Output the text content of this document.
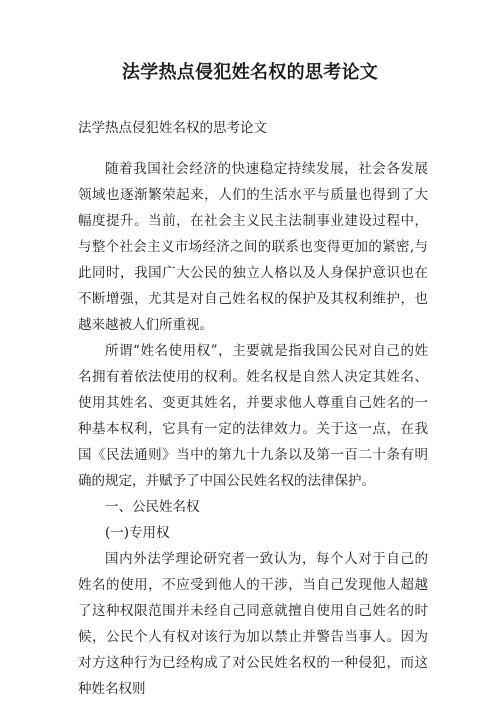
法学热点侵犯姓名权的思考论文

法学热点侵犯姓名权的思考论文

随着我国社会经济的快速稳定持续发展，社会各发展领域也逐渐繁荣起来，人们的生活水平与质量也得到了大幅度提升。当前，在社会主义民主法制事业建设过程中，与整个社会主义市场经济之间的联系也变得更加的紧密,与此同时，我国广大公民的独立人格以及人身保护意识也在不断增强，尤其是对自己姓名权的保护及其权利维护，也越来越被人们所重视。

所谓“姓名使用权”，主要就是指我国公民对自己的姓名拥有着依法使用的权利。姓名权是自然人决定其姓名、使用其姓名、变更其姓名，并要求他人尊重自己姓名的一种基本权利，它具有一定的法律效力。关于这一点，在我国《民法通则》当中的第九十九条以及第一百二十条有明确的规定，并赋予了中国公民姓名权的法律保护。

一、公民姓名权

(一)专用权

国内外法学理论研究者一致认为，每个人对于自己的姓名的使用，不应受到他人的干涉，当自己发现他人超越了这种权限范围并未经自己同意就擅自使用自己姓名的时候，公民个人有权对该行为加以禁止并警告当事人。因为对方这种行为已经构成了对公民姓名权的一种侵犯，而这种姓名权则
